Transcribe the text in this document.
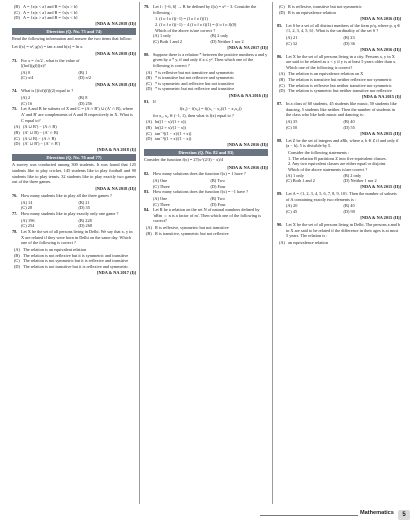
(B) A = {x|x < a} and B = {x|x > b}
(C) A = {x|x < a} and B = {x|x < b}
(D) A = {x|x > a} and B = {x|x < b}
[NDA & NA 2018 (II)]
Direction (Q. No. 73 and 74)
Read the following information and answer the two items that follow:
Let f(x) = x², g(x) = tan x and h(x) = ln x.
[NDA & NA 2018 (II)]
73. For x = √π/2 , what is the value of
[(hof)(gf)](x)?
(A) 0	(B) 1
(C) π/4	(D) π/2
[NDA & NA 2018 (II)]
74. What is [(fof)(f)](2) equal to ?
(A) 2	(B) 8
(C) 16	(D) 256
75. Let A and B be subsets of X and C = (A ∩ B′) ∪ (A′ ∩ B), where A′ and B′ are complements of A and B respectively in X. What is C equal to?
(A) (A ∪ B′) − (A ∩ B)
(B) (A′ ∪ B) − (A′ ∩ B)
(C) (A ∪ B) − (A ∩ B)
(D) (A′ ∪ B′) − (A′ ∩ B′)
[NDA & NA 2018 (I)]
Direction (Q. No. 76 and 77)
A survey was conducted among 300 students. It was found that 125 students like to play cricket, 145 students like to play football and 90 students like to play tennis. 32 students like to play exactly two games out of the three games.
[NDA & NA 2018 (II)]
76. How many students like to play all the three games ?
(A) 14	(B) 21
(C) 28	(D) 35
77. How many students like to play exactly only one game ?
(A) 196	(B) 228
(C) 254	(D) 268
78. Let X be the set of all persons living in Delhi. We say that x, y in X are related if they were born in Delhi on the same day. Which one of the following is correct ?
(A) The relation is an equivalent relation
(B) The relation is not reflexive but it is symmetric and transitive
(C) The relation is not symmetric but it is reflexive and transitive
(D) The relation is not transitive but it is reflexive and symmetric
[NDA & NA 2017 (I)]
79. Let f : [−6, 6] → R be defined by f(x) = x² − 3. Consider the following :
1. (f o f o f)(−1) = (f o f o f)(1)
2. (f o f o f)(−1) − 4 (f o f o f)(1) = (f o f o f)(0)
Which of the above is/are correct ?
(A) 1 only	(B) 2 only
(C) Both 1 and 2	(D) Neither 1 nor 2
[NDA & NA 2017 (II)]
80. Suppose there is a relation * between the positive numbers a and y given by a * y, if and only if a ≤ y². Then which one of the following is correct ?
(A) * is reflexive but not transitive and symmetric
(B) * is transitive but not reflexive and symmetric
(C) * is symmetric and reflexive but not transitive
(D) * is symmetric but not reflexive and transitive
[NDA & NA 2016 (I)]
81. If
f(x₁) − f(x₂) = f((x₁ − x₂)/(1 − x₁x₂))
for x₁, x₂ ∈ (−1, 1), then what is f(x) equal to ?
(A) ln((1 − x)/(1 + x))
(B) ln((2 + x)/(1 − x))
(C) tan⁻¹((1 − x)/(1 + x))
(D) tan⁻¹((1 + x)/(1 − x))
[NDA & NA 2016 (II)]
Direction (Q. No. 82 and 83)
Consider the function f(x) = 27(x^(2/3) − x)/4
[NDA & NA 2016 (II)]
82. How many solutions does the function f(x) = 1 have ?
(A) One	(B) Two
(C) Three	(D) Four
83. How many solutions does the function f(x) = −1 have ?
(A) One	(B) Two
(C) Three	(D) Four
84. Let R be a relation on the set N of natural numbers defined by 'nRm ⇔ n is a factor of m'. Then which one of the following is correct?
(A) R is reflexive, symmetric but not transitive
(B) R is transitive, symmetric but not reflexive
(C) R is reflexive, transitive but not symmetric
(D) R is an equivalence relation
[NDA & NA 2016 (II)]
85. Let S be a set of all distinct numbers of the form p/q, where p, q ∈ {1, 2, 3, 4, 5, 6}. What is the cardinality of the set S ?
(A) 21	(B) 23
(C) 32	(D) 36
[NDA & NA 2016 (II)]
86. Let X be the set of all persons living in a city. Persons x, y in X are said to be related as x < y if y is at least 5 years older than x. Which one of the following is correct?
(A) The relation is an equivalence relation on X
(B) The relation is transitive but neither reflexive nor symmetric
(C) The relation is reflexive but neither transitive nor symmetric
(D) The relation is symmetric but neither transitive nor reflexive
[NDA & NA 2015 (I)]
87. In a class of 60 students, 45 students like music, 50 students like dancing, 5 students like neither. Then the number of students in the class who like both music and dancing is:
(A) 35	(B) 40
(C) 50	(D) 55
[NDA & NA 2015 (II)]
88. Let Z be the set of integers and aRb, where a, b ∈ Z if and only if (a − b), 5 is divisible by 5.
Consider the following statements :
1. The relation R partitions Z into five equivalent classes.
2. Any two equivalent classes are either equal or disjoint.
Which of the above statements is/are correct ?
(A) 1 only	(B) 2 only
(C) Both 1 and 2	(D) Neither 1 nor 2
[NDA & NA 2015 (II)]
89. Let A = {1, 2, 3, 4, 5, 6, 7, 8, 9, 10}. Then the number of subsets of A containing exactly two elements is :
(A) 20	(B) 40
(C) 45	(D) 90
[NDA & NA 2015 (II)]
90. Let X be the set of all persons living in Delhi. The persons a and b in X are said to be related if the difference in their ages is at most 5 years. The relation is :
(A) an equivalence relation
Mathematics	5
